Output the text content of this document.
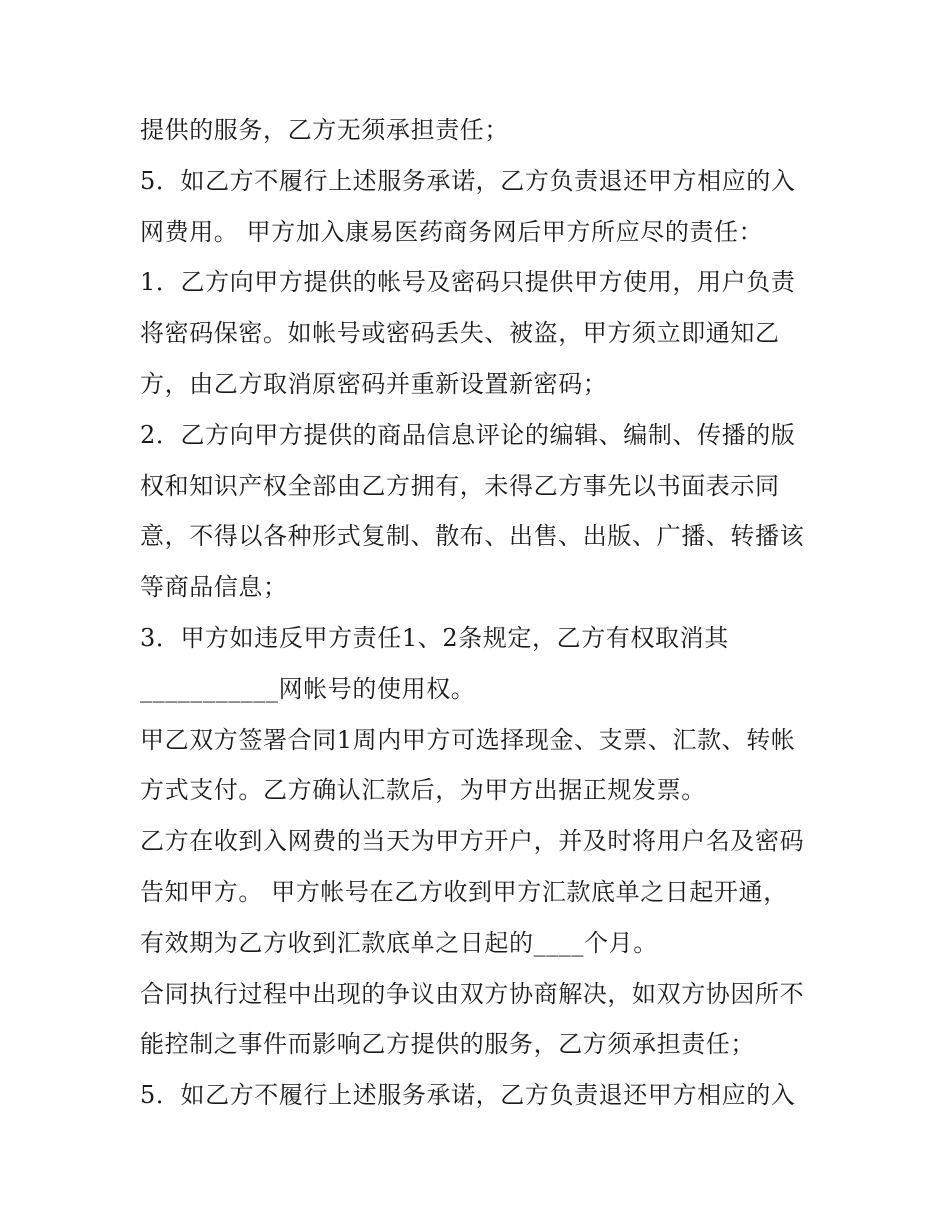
提供的服务，乙方无须承担责任；
5．如乙方不履行上述服务承诺，乙方负责退还甲方相应的入
网费用。 甲方加入康易医药商务网后甲方所应尽的责任：
1．乙方向甲方提供的帐号及密码只提供甲方使用，用户负责
将密码保密。如帐号或密码丢失、被盗，甲方须立即通知乙
方，由乙方取消原密码并重新设置新密码；
2．乙方向甲方提供的商品信息评论的编辑、编制、传播的版
权和知识产权全部由乙方拥有，未得乙方事先以书面表示同
意，不得以各种形式复制、散布、出售、出版、广播、转播该
等商品信息；
3．甲方如违反甲方责任1、2条规定，乙方有权取消其
___________网帐号的使用权。
甲乙双方签署合同1周内甲方可选择现金、支票、汇款、转帐
方式支付。乙方确认汇款后，为甲方出据正规发票。
乙方在收到入网费的当天为甲方开户，并及时将用户名及密码
告知甲方。 甲方帐号在乙方收到甲方汇款底单之日起开通，
有效期为乙方收到汇款底单之日起的____个月。
合同执行过程中出现的争议由双方协商解决，如双方协因所不
能控制之事件而影响乙方提供的服务，乙方须承担责任；
5．如乙方不履行上述服务承诺，乙方负责退还甲方相应的入
